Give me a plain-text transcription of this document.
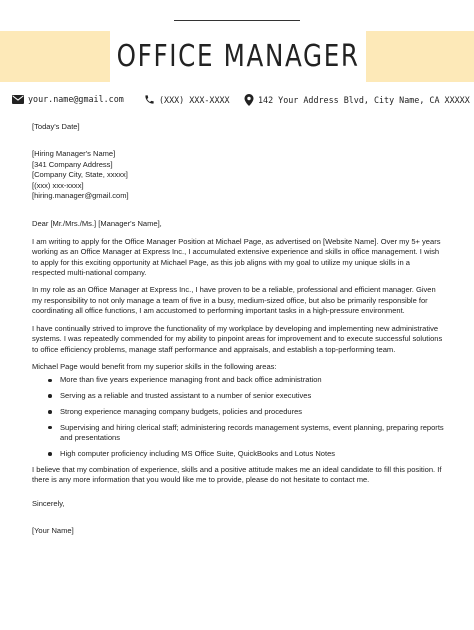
OFFICE MANAGER
your.name@gmail.com	(XXX) XXX-XXXX	142 Your Address Blvd, City Name, CA XXXXX

[Today's Date]

[Hiring Manager's Name]

[341 Company Address]

[Company City, State, xxxxx]

[(xxx) xxx-xxxx]

[hiring.manager@gmail.com]

Dear [Mr./Mrs./Ms.] [Manager's Name],

I am writing to apply for the Office Manager Position at Michael Page, as advertised on [Website Name]. Over my 5+ years working as an Office Manager at Express Inc., I accumulated extensive experience and skills in office management. I wish to apply for this exciting opportunity at Michael Page, as this job aligns with my goal to utilize my unique skills in a respected multi-national company.

In my role as an Office Manager at Express Inc., I have proven to be a reliable, professional and efficient manager. Given my responsibility to not only manage a team of five in a busy, medium-sized office, but also be primarily responsible for coordinating all office functions, I am accustomed to performing important tasks in a high-pressure environment.

I have continually strived to improve the functionality of my workplace by developing and implementing new administrative systems. I was repeatedly commended for my ability to pinpoint areas for improvement and to execute successful solutions to office efficiency problems, manage staff performance and appraisals, and establish a top-performing team.

Michael Page would benefit from my superior skills in the following areas:

More than five years experience managing front and back office administration
Serving as a reliable and trusted assistant to a number of senior executives
Strong experience managing company budgets, policies and procedures
Supervising and hiring clerical staff; administering records management systems, event planning, preparing reports and presentations
High computer proficiency including MS Office Suite, QuickBooks and Lotus Notes

I believe that my combination of experience, skills and a positive attitude makes me an ideal candidate to fill this position. If there is any more information that you would like me to provide, please do not hesitate to contact me.

Sincerely,

[Your Name]
